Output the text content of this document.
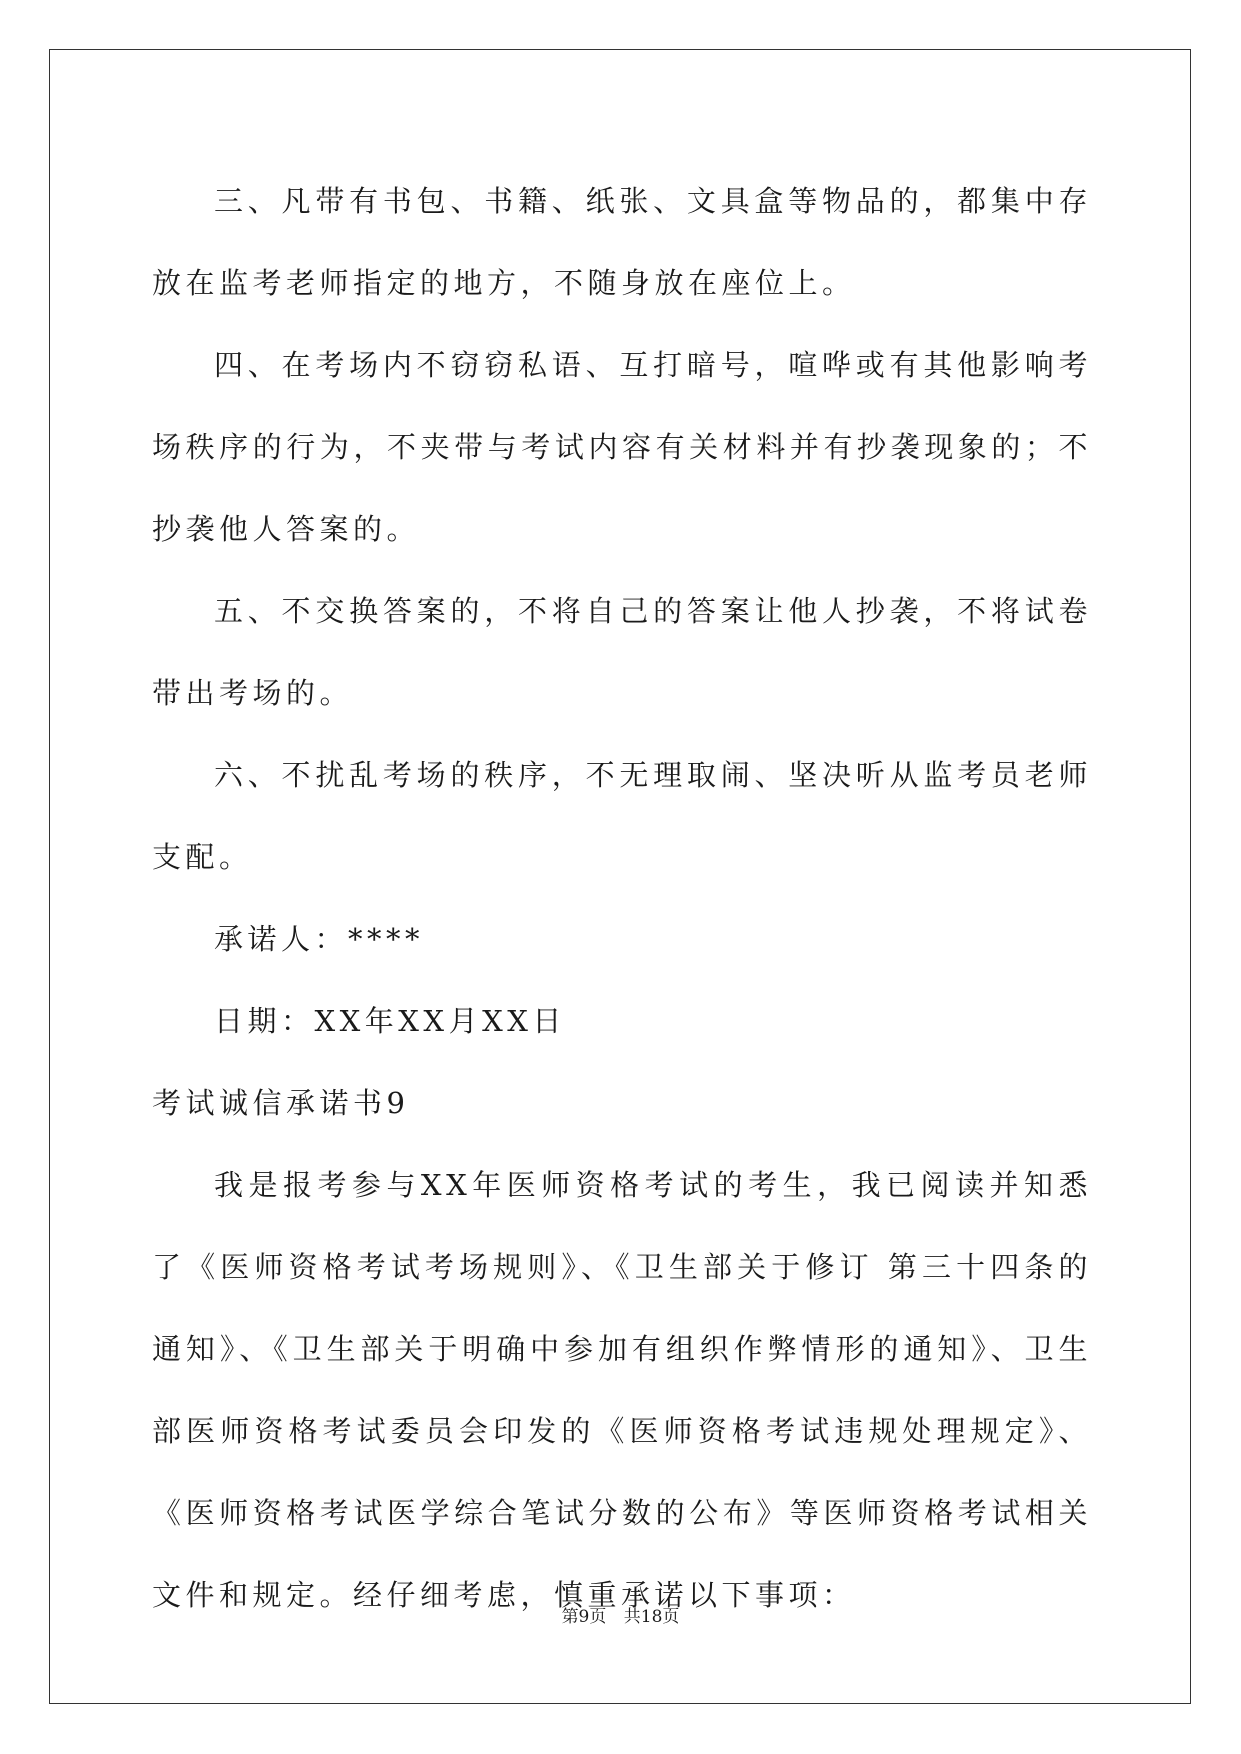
三、凡带有书包、书籍、纸张、文具盒等物品的，都集中存放在监考老师指定的地方，不随身放在座位上。

四、在考场内不窃窃私语、互打暗号，喧哗或有其他影响考场秩序的行为，不夹带与考试内容有关材料并有抄袭现象的；不抄袭他人答案的。

五、不交换答案的，不将自己的答案让他人抄袭，不将试卷带出考场的。

六、不扰乱考场的秩序，不无理取闹、坚决听从监考员老师支配。

承诺人：****

日期：XX年XX月XX日

考试诚信承诺书9

我是报考参与XX年医师资格考试的考生，我已阅读并知悉了《医师资格考试考场规则》、《卫生部关于修订 第三十四条的通知》、《卫生部关于明确中参加有组织作弊情形的通知》、卫生部医师资格考试委员会印发的《医师资格考试违规处理规定》、《医师资格考试医学综合笔试分数的公布》等医师资格考试相关文件和规定。经仔细考虑，慎重承诺以下事项：

第9页 共18页
